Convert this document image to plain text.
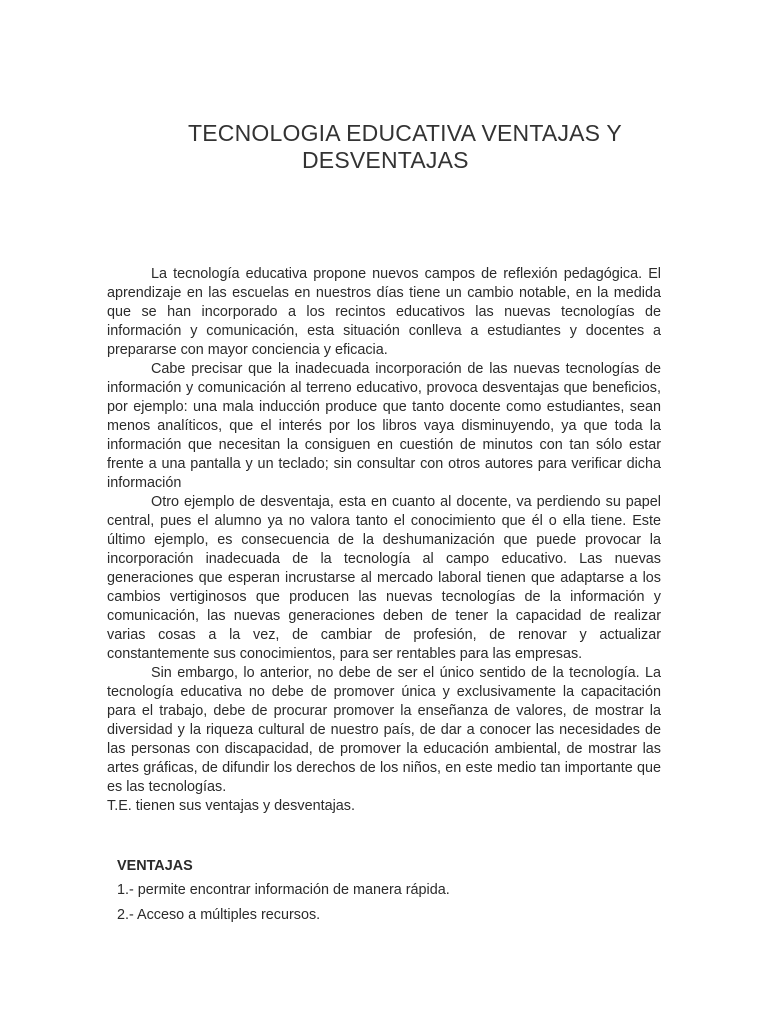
TECNOLOGIA EDUCATIVA VENTAJAS Y
DESVENTAJAS

La tecnología educativa propone nuevos campos de reflexión pedagógica. El aprendizaje en las escuelas en nuestros días tiene un cambio notable, en la medida que se han incorporado a los recintos educativos las nuevas tecnologías de información y comunicación, esta situación conlleva a estudiantes y docentes a prepararse con mayor conciencia y eficacia.

Cabe precisar que la inadecuada incorporación de las nuevas tecnologías de información y comunicación al terreno educativo, provoca desventajas que beneficios, por ejemplo: una mala inducción produce que tanto docente como estudiantes, sean menos analíticos, que el interés por los libros vaya disminuyendo, ya que toda la información que necesitan la consiguen en cuestión de minutos con tan sólo estar frente a una pantalla y un teclado; sin consultar con otros autores para verificar dicha información

Otro ejemplo de desventaja, esta en cuanto al docente, va perdiendo su papel central, pues el alumno ya no valora tanto el conocimiento que él o ella tiene. Este último ejemplo, es consecuencia de la deshumanización que puede provocar la incorporación inadecuada de la tecnología al campo educativo. Las nuevas generaciones que esperan incrustarse al mercado laboral tienen que adaptarse a los cambios vertiginosos que producen las nuevas tecnologías de la información y comunicación, las nuevas generaciones deben de tener la capacidad de realizar varias cosas a la vez, de cambiar de profesión, de renovar y actualizar constantemente sus conocimientos, para ser rentables para las empresas.

Sin embargo, lo anterior, no debe de ser el único sentido de la tecnología. La tecnología educativa no debe de promover única y exclusivamente la capacitación para el trabajo, debe de procurar promover la enseñanza de valores, de mostrar la diversidad y la riqueza cultural de nuestro país, de dar a conocer las necesidades de las personas con discapacidad, de promover la educación ambiental, de mostrar las artes gráficas, de difundir los derechos de los niños, en este medio tan importante que es las tecnologías.

T.E. tienen sus ventajas y desventajas.

VENTAJAS
1.- permite encontrar información de manera rápida.
2.- Acceso a múltiples recursos.
